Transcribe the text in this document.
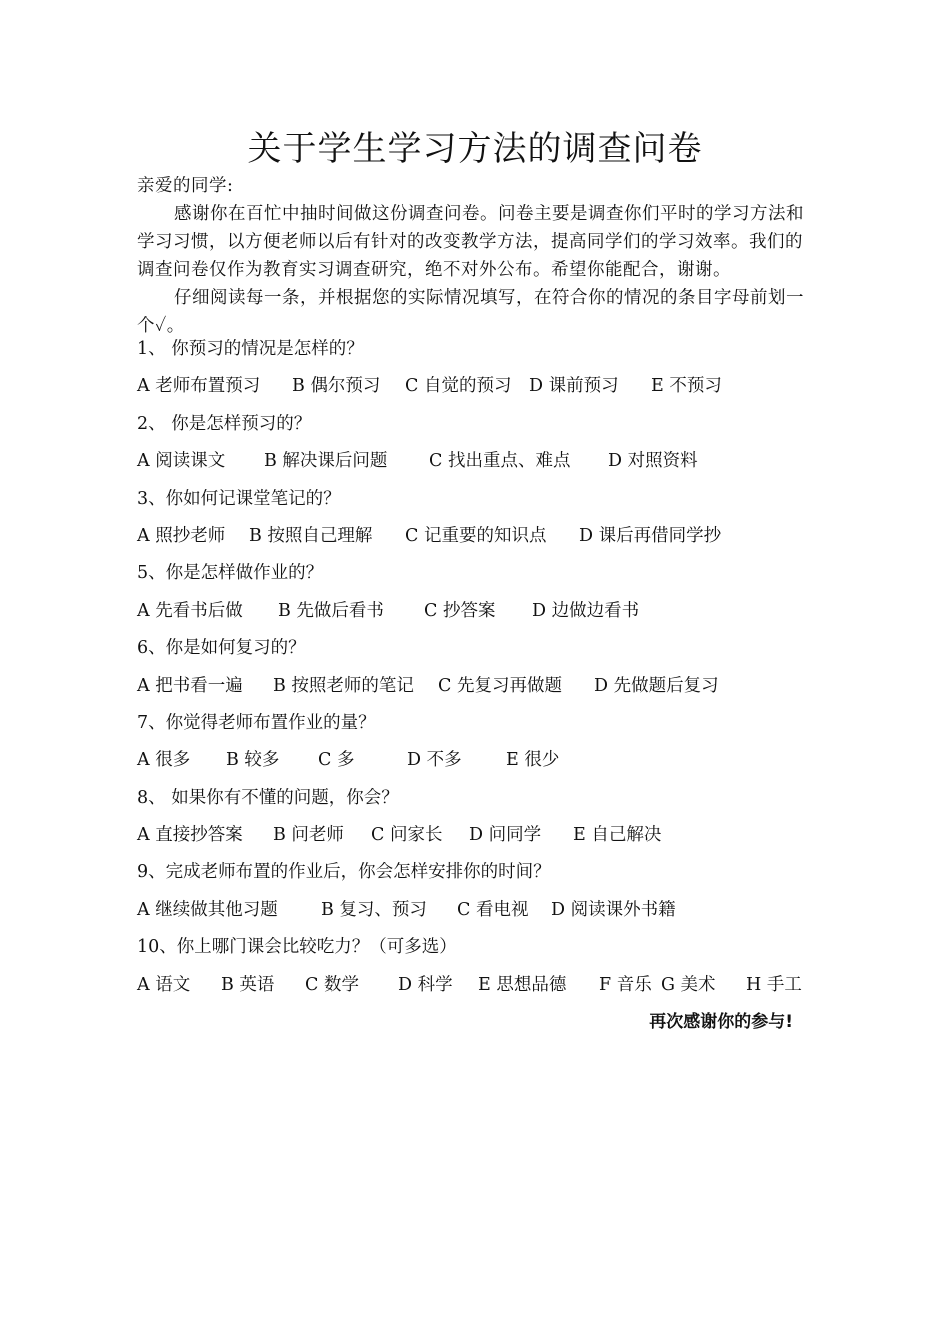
关于学生学习方法的调查问卷

亲爱的同学:

感谢你在百忙中抽时间做这份调查问卷。问卷主要是调查你们平时的学习方法和学习习惯，以方便老师以后有针对的改变教学方法，提高同学们的学习效率。我们的调查问卷仅作为教育实习调查研究，绝不对外公布。希望你能配合，谢谢。

仔细阅读每一条，并根据您的实际情况填写，在符合你的情况的条目字母前划一个✓。

1、 你预习的情况是怎样的？
A 老师布置预习 B 偶尔预习 C 自觉的预习 D 课前预习 E 不预习
2、 你是怎样预习的？
A 阅读课文 B 解决课后问题 C 找出重点、难点 D 对照资料
3、你如何记课堂笔记的？
A 照抄老师 B 按照自己理解 C 记重要的知识点 D 课后再借同学抄
5、你是怎样做作业的？
A 先看书后做 B 先做后看书 C 抄答案 D 边做边看书
6、你是如何复习的？
A 把书看一遍 B 按照老师的笔记 C 先复习再做题 D 先做题后复习
7、你觉得老师布置作业的量？
A 很多 B 较多 C 多	D 不多	E 很少
8、 如果你有不懂的问题，你会？
A 直接抄答案 B 问老师 C 问家长 D 问同学 E 自己解决
9、完成老师布置的作业后，你会怎样安排你的时间？
A 继续做其他习题 B 复习、预习 C 看电视 D 阅读课外书籍
10、你上哪门课会比较吃力？（可多选）
A 语文 B 英语 C 数学 D 科学 E 思想品德 F 音乐 G 美术 H 手工
再次感谢你的参与!
